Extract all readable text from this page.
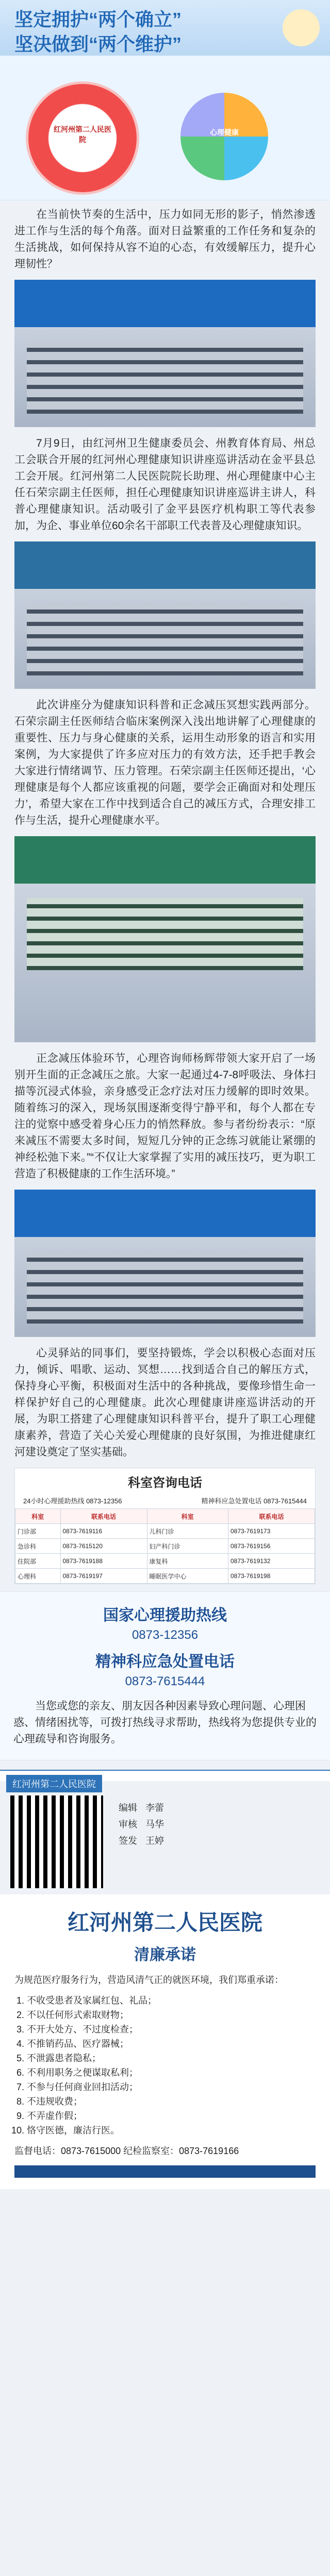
坚定拥护“两个确立”
坚决做到“两个维护”
红河州第二人民医院
心理健康

在当前快节奏的生活中，压力如同无形的影子，悄然渗透进工作与生活的每个角落。面对日益繁重的工作任务和复杂的生活挑战，如何保持从容不迫的心态，有效缓解压力，提升心理韧性？

7月9日，由红河州卫生健康委员会、州教育体育局、州总工会联合开展的红河州心理健康知识讲座巡讲活动在金平县总工会开展。红河州第二人民医院院长助理、州心理健康中心主任石荣宗副主任医师，担任心理健康知识讲座巡讲主讲人，科普心理健康知识。活动吸引了金平县医疗机构职工等代表参加，为企、事业单位60余名干部职工代表普及心理健康知识。

此次讲座分为健康知识科普和正念减压冥想实践两部分。石荣宗副主任医师结合临床案例深入浅出地讲解了心理健康的重要性、压力与身心健康的关系，运用生动形象的语言和实用案例，为大家提供了许多应对压力的有效方法，还手把手教会大家进行情绪调节、压力管理。石荣宗副主任医师还提出，‘心理健康是每个人都应该重视的问题，要学会正确面对和处理压力’，希望大家在工作中找到适合自己的减压方式，合理安排工作与生活，提升心理健康水平。

正念减压体验环节，心理咨询师杨辉带领大家开启了一场别开生面的正念减压之旅。大家一起通过4-7-8呼吸法、身体扫描等沉浸式体验，亲身感受正念疗法对压力缓解的即时效果。随着练习的深入，现场氛围逐渐变得宁静平和，每个人都在专注的觉察中感受着身心压力的悄然释放。参与者纷纷表示：“原来减压不需要太多时间，短短几分钟的正念练习就能让紧绷的神经松弛下来。”“不仅让大家掌握了实用的减压技巧，更为职工营造了积极健康的工作生活环境。”

心灵驿站的同事们，要坚持锻炼，学会以积极心态面对压力，倾诉、唱歌、运动、冥想……找到适合自己的解压方式，保持身心平衡，积极面对生活中的各种挑战，要像珍惜生命一样保护好自己的心理健康。此次心理健康讲座巡讲活动的开展，为职工搭建了心理健康知识科普平台，提升了职工心理健康素养，营造了关心关爱心理健康的良好氛围，为推进健康红河建设奠定了坚实基础。

科室咨询电话
24小时心理援助热线 0873-12356	精神科应急处置电话 0873-7615444
科室	联系电话	科室	联系电话
门诊部	0873-7619116	儿科门诊	0873-7619173
急诊科	0873-7615120	妇产科门诊	0873-7619156
住院部	0873-7619188	康复科	0873-7619132
心理科	0873-7619197	睡眠医学中心	0873-7619198
国家心理援助热线
0873-12356
精神科应急处置电话
0873-7615444
当您或您的亲友、朋友因各种因素导致心理问题、心理困惑、情绪困扰等，可拨打热线寻求帮助，热线将为您提供专业的心理疏导和咨询服务。
红河州第二人民医院
编辑 李蕾
审核 马华
签发 王婷
红河州第二人民医院
清廉承诺
为规范医疗服务行为，营造风清气正的就医环境，我们郑重承诺：
1. 不收受患者及家属红包、礼品；
2. 不以任何形式索取财物；
3. 不开大处方、不过度检查；
4. 不推销药品、医疗器械；
5. 不泄露患者隐私；
6. 不利用职务之便谋取私利；
7. 不参与任何商业回扣活动；
8. 不违规收费；
9. 不弄虚作假；
10. 恪守医德，廉洁行医。
监督电话：0873-7615000 纪检监察室：0873-7619166
